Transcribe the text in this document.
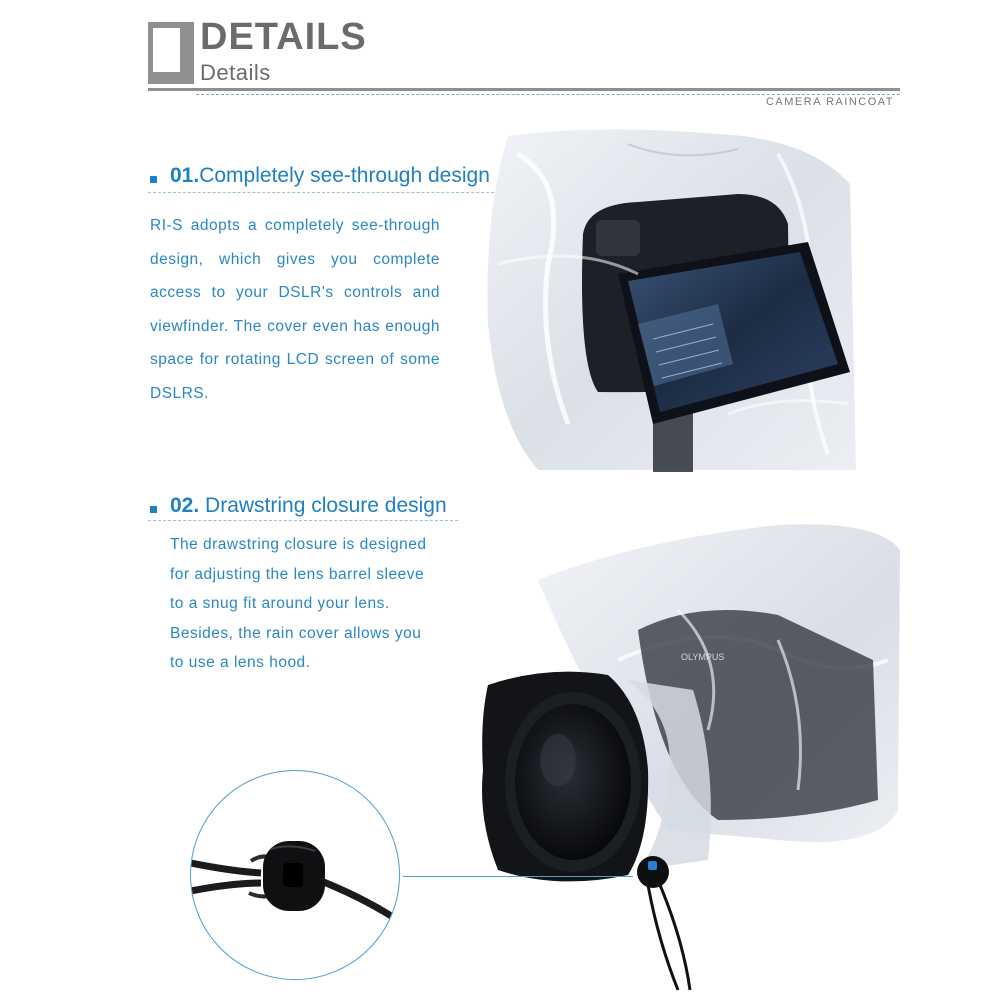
DETAILS
Details
CAMERA RAINCOAT
01.Completely see-through design
RI-S adopts a completely see-through
design, which gives you complete
access to your DSLR's controls and
viewfinder. The cover even has enough
space for rotating LCD screen of some
DSLRS.
02. Drawstring closure design
The drawstring closure is designed
for adjusting the lens barrel sleeve
to a snug fit around your lens.
Besides, the rain cover allows you
to use a lens hood.	OLYMPUS
